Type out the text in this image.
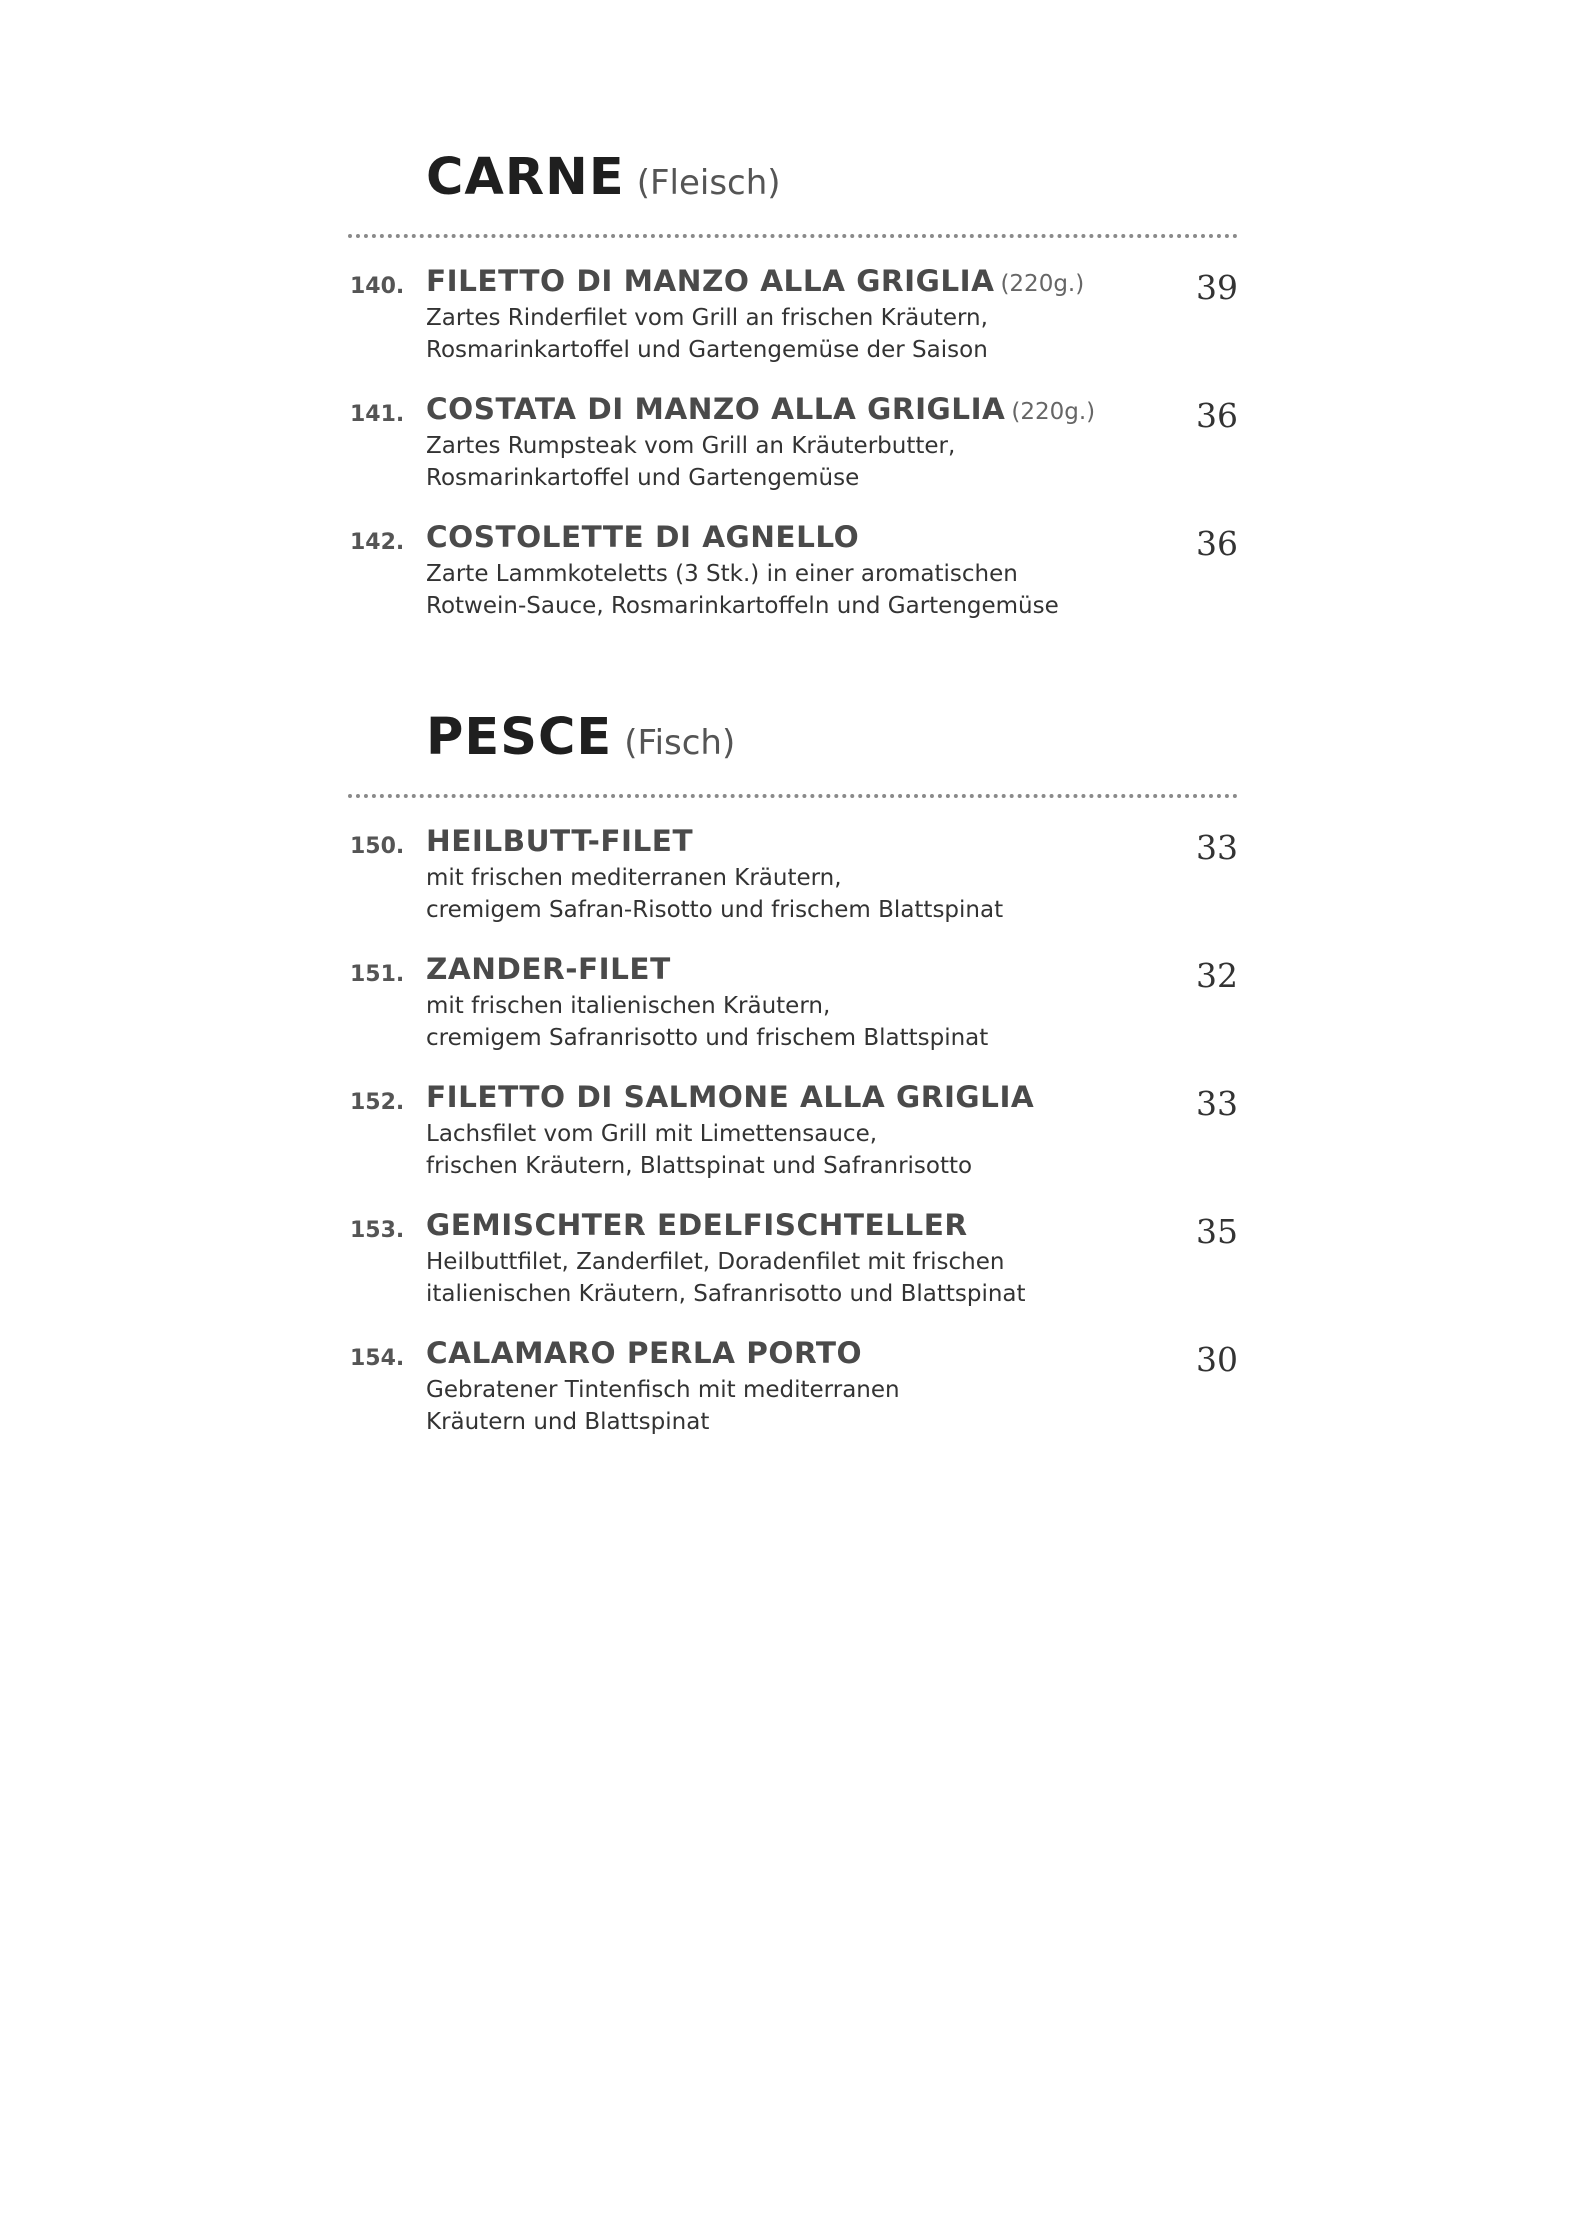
CARNE (Fleisch)
140. FILETTO DI MANZO ALLA GRIGLIA (220g.)
Zartes Rinderfilet vom Grill an frischen Kräutern,
Rosmarinkartoffel und Gartengemüse der Saison
39
141. COSTATA DI MANZO ALLA GRIGLIA (220g.)
Zartes Rumpsteak vom Grill an Kräuterbutter,
Rosmarinkartoffel und Gartengemüse
36
142. COSTOLETTE DI AGNELLO
Zarte Lammkoteletts (3 Stk.) in einer aromatischen
Rotwein-Sauce, Rosmarinkartoffeln und Gartengemüse
36
PESCE (Fisch)
150. HEILBUTT-FILET
mit frischen mediterranen Kräutern,
cremigem Safran-Risotto und frischem Blattspinat
33
151. ZANDER-FILET
mit frischen italienischen Kräutern,
cremigem Safranrisotto und frischem Blattspinat
32
152. FILETTO DI SALMONE ALLA GRIGLIA
Lachsfilet vom Grill mit Limettensauce,
frischen Kräutern, Blattspinat und Safranrisotto
33
153. GEMISCHTER EDELFISCHTELLER
Heilbuttfilet, Zanderfilet, Doradenfilet mit frischen
italienischen Kräutern, Safranrisotto und Blattspinat
35
154. CALAMARO PERLA PORTO
Gebratener Tintenfisch mit mediterranen
Kräutern und Blattspinat
30
